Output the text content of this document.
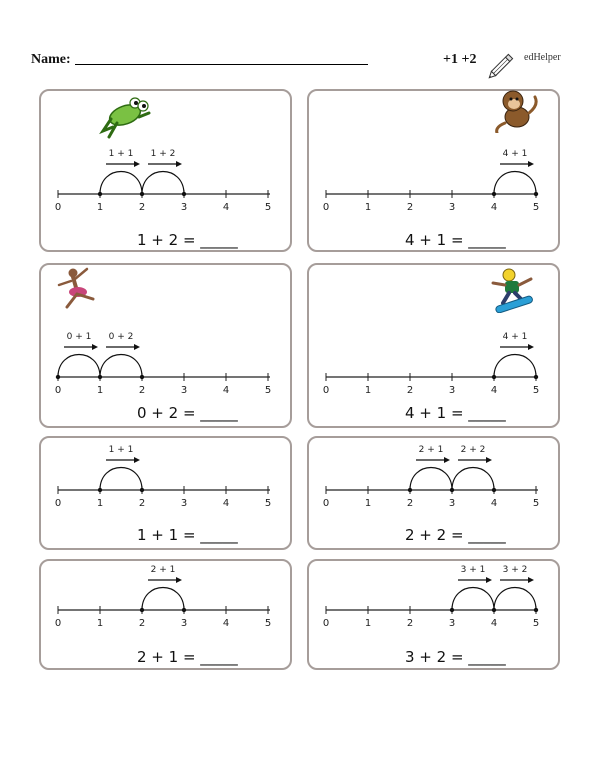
Name:	+1 +2	edHelper
0	1	2	3	4	5
1 + 1 1 + 2
1 + 2 = _____
0	1	2	3	4	5
4 + 1
4 + 1 = _____
0	1	2	3	4	5
0 + 1 0 + 2
0 + 2 = _____
0	1	2	3	4	5
4 + 1
4 + 1 = _____
0	1	2	3	4	5
1 + 1
1 + 1 = _____
0	1	2	3	4	5
2 + 1 2 + 2
2 + 2 = _____
0	1	2	3	4	5
2 + 1
2 + 1 = _____
0	1	2	3	4	5
3 + 1 3 + 2
3 + 2 = _____
